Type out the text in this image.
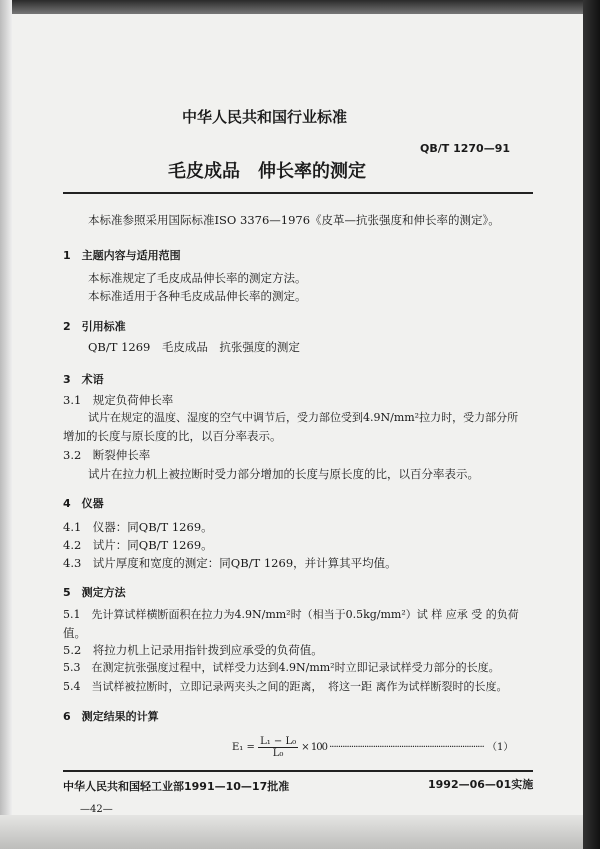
中华人民共和国行业标准
QB/T 1270—91
毛皮成品　伸长率的测定
本标准参照采用国际标准ISO 3376—1976《皮革—抗张强度和伸长率的测定》。
1　主题内容与适用范围
本标准规定了毛皮成品伸长率的测定方法。
本标准适用于各种毛皮成品伸长率的测定。
2　引用标准
QB/T 1269　毛皮成品　抗张强度的测定
3　术语
3.1　规定负荷伸长率
试片在规定的温度、湿度的空气中调节后，受力部位受到4.9N/mm²拉力时，受力部分所
增加的长度与原长度的比，以百分率表示。
3.2　断裂伸长率
试片在拉力机上被拉断时受力部分增加的长度与原长度的比，以百分率表示。
4　仪器
4.1　仪器：同QB/T 1269。
4.2　试片：同QB/T 1269。
4.3　试片厚度和宽度的测定：同QB/T 1269，并计算其平均值。
5　测定方法
5.1　先计算试样横断面积在拉力为4.9N/mm²时（相当于0.5kg/mm²）试 样 应承 受 的负荷
值。
5.2　将拉力机上记录用指针拨到应承受的负荷值。
5.3　在测定抗张强度过程中，试样受力达到4.9N/mm²时立即记录试样受力部分的长度。
5.4　当试样被拉断时，立即记录两夹头之间的距离，　将这一距 离作为试样断裂时的长度。
6　测定结果的计算
$E_1 = \frac{\text{L₁ − L₀}}{\text{L₀}} \times 100$ ······································································· （1）
中华人民共和国轻工业部1991—10—17批准	1992—06—01实施
—42—
